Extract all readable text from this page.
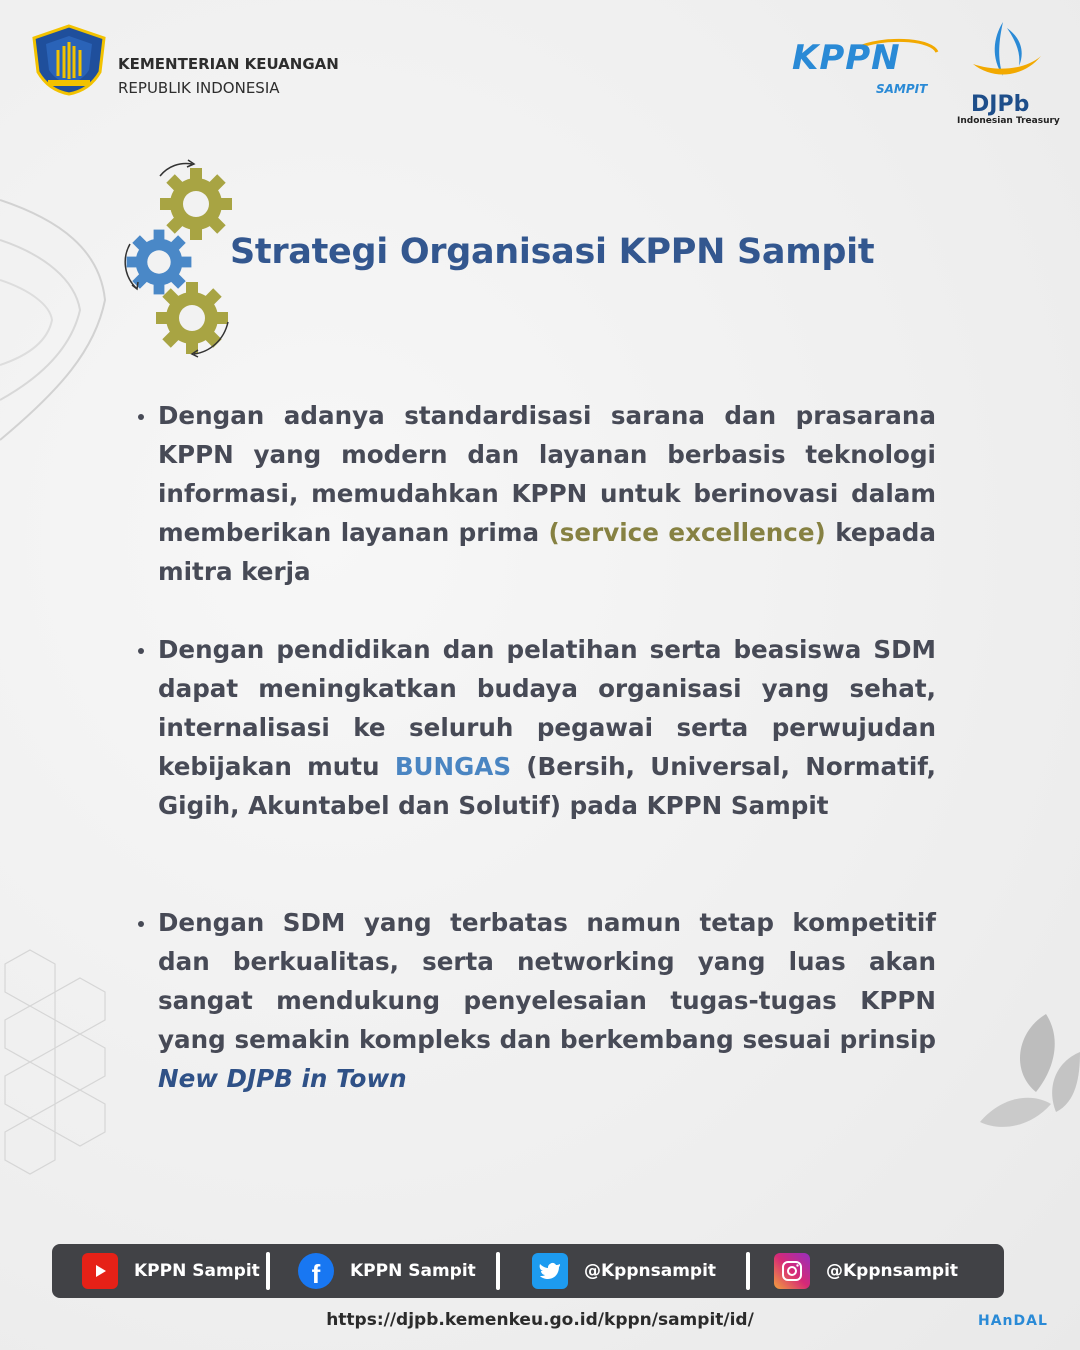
KEMENTERIAN KEUANGAN
REPUBLIK INDONESIA
KPPN
SAMPIT
DJPb
Indonesian Treasury
Strategi Organisasi KPPN Sampit
Dengan adanya standardisasi sarana dan prasarana KPPN yang modern dan layanan berbasis teknologi informasi, memudahkan KPPN untuk berinovasi dalam memberikan layanan prima (service excellence) kepada mitra kerja
Dengan pendidikan dan pelatihan serta beasiswa SDM dapat meningkatkan budaya organisasi yang sehat, internalisasi ke seluruh pegawai serta perwujudan kebijakan mutu BUNGAS (Bersih, Universal, Normatif, Gigih, Akuntabel dan Solutif) pada KPPN Sampit
Dengan SDM yang terbatas namun tetap kompetitif dan berkualitas, serta networking yang luas akan sangat mendukung penyelesaian tugas-tugas KPPN yang semakin kompleks dan berkembang sesuai prinsip New DJPB in Town
KPPN Sampit f KPPN Sampit	@Kppnsampit	@Kppnsampit
https://djpb.kemenkeu.go.id/kppn/sampit/id/	HAnDAL
